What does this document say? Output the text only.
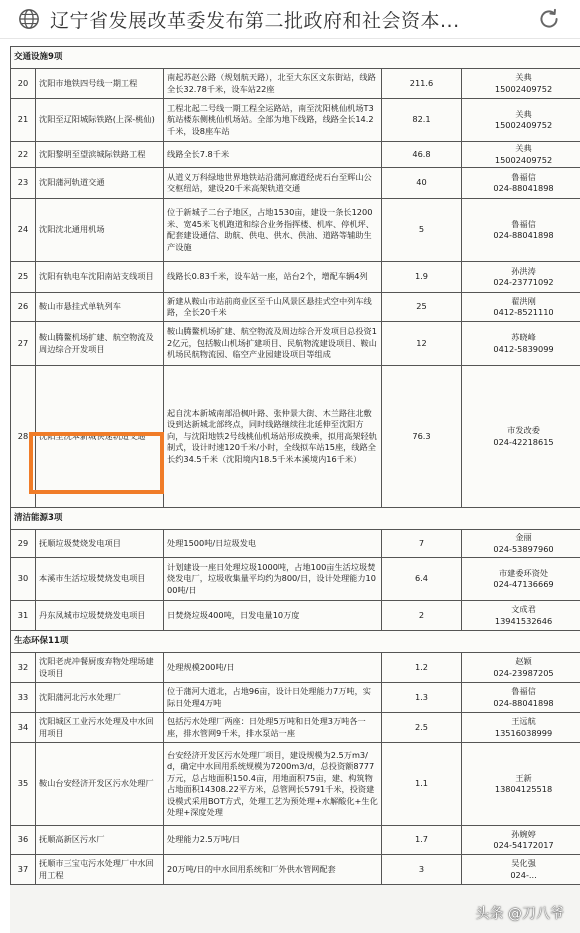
辽宁省发展改革委发布第二批政府和社会资本...
交通设施9项				
20	沈阳市地铁四号线一期工程	南起苏赵公路（规划航天路），北至大东区文东街站，线路全长32.78千米，设车站22座	211.6	关典
15002409752
21	沈阳至辽阳城际铁路(上深-桃仙)	工程北起二号线一期工程全运路站，南至沈阳桃仙机场T3航站楼东侧桃仙机场站。全部为地下线路，线路全长14.2千米，设8座车站	82.1	关典
15002409752
22	沈阳黎明至望滨城际铁路工程	线路全长7.8千米	46.8	关典
15002409752
23	沈阳蒲河轨道交通	从道义万科绿地世界地铁站沿蒲河廊道经虎石台至辉山公交枢纽站，建设20千米高架轨道交通	40	鲁福信
024-88041898
24	沈阳沈北通用机场	位于新城子二台子地区，占地1530亩，建设一条长1200米、宽45米飞机跑道和综合业务指挥楼、机库、停机坪、配套建设通信、助航、供电、供水、供油、道路等辅助生产设施	5	鲁福信
024-88041898
25	沈阳有轨电车沈阳南站支线项目	线路长0.83千米，设车站一座，站台2个，增配车辆4列	1.9	孙洪涛
024-23771092
26	鞍山市悬挂式单轨列车	新建从鞍山市站前商业区至千山风景区悬挂式空中列车线路，全长20千米	25	翟洪刚
0412-8521110
27	鞍山腾鳌机场扩建、航空物流及周边综合开发项目	鞍山腾鳌机场扩建、航空物流及周边综合开发项目总投资12亿元，包括鞍山机场扩建项目、民航物流建设项目、鞍山机场民航物流园、临空产业园建设项目等组成	12	苏晓峰
0412-5839099
28	沈阳至沈本新城快速轨道交通	起自沈本新城南部沿枫叶路、张仲景大街、木兰路往北敷设到达新城北部终点，同时线路继续往北延伸至沈阳方向，与沈阳地铁2号线桃仙机场站形成换乘，拟用高架轻轨制式，设计时速120千米/小时，全线拟车站15座，线路全长约34.5千米（沈阳境内18.5千米本溪境内16千米）	76.3	市发改委
024-42218615
清洁能源3项				
29	抚顺垃圾焚烧发电项目	处理1500吨/日垃圾发电	7	金丽
024-53897960
30	本溪市生活垃圾焚烧发电项目	计划建设一座日处理垃圾1000吨，占地100亩生活垃圾焚烧发电厂，垃圾收集量平均约为800/日，设计处理能力1000吨/日	6.4	市建委环资处
024-47136669
31	丹东凤城市垃圾焚烧发电项目	日焚烧垃圾400吨，日发电量10万度	2	文成君
13941532646
生态环保11项				
32	沈阳老虎冲餐厨废弃物处理场建设项目	处理规模200吨/日	1.2	赵颖
024-23987205
33	沈阳蒲河北污水处理厂	位于蒲河大道北，占地96亩，设计日处理能力7万吨，实际日处理4万吨	1.3	鲁福信
024-88041898
34	沈阳城区工业污水处理及中水回用项目	包括污水处理厂两座：日处理5万吨和日处理3万吨各一座，排水管网9千米，排水泵站一座	2.5	王远航
13516038999
35	鞍山台安经济开发区污水处理厂	台安经济开发区污水处理厂项目，建设规模为2.5万m3/d，确定中水回用系统规模为7200m3/d，总投资额8777万元，总占地面积150.4亩，用地面积75亩，建、构筑物占地面积14308.22平方米，总管网长5791千米，投资建设模式采用BOT方式，处理工艺为预处理+水解酸化+生化处理+深度处理	1.1	王新
13804125518
36	抚顺高新区污水厂	处理能力2.5万吨/日	1.7	孙婉婷
024-54172017
37	抚顺市三宝屯污水处理厂中水回用工程	20万吨/日的中水回用系统和厂外供水管网配套	3	吴化强
024-...
头条 @刀八爷
